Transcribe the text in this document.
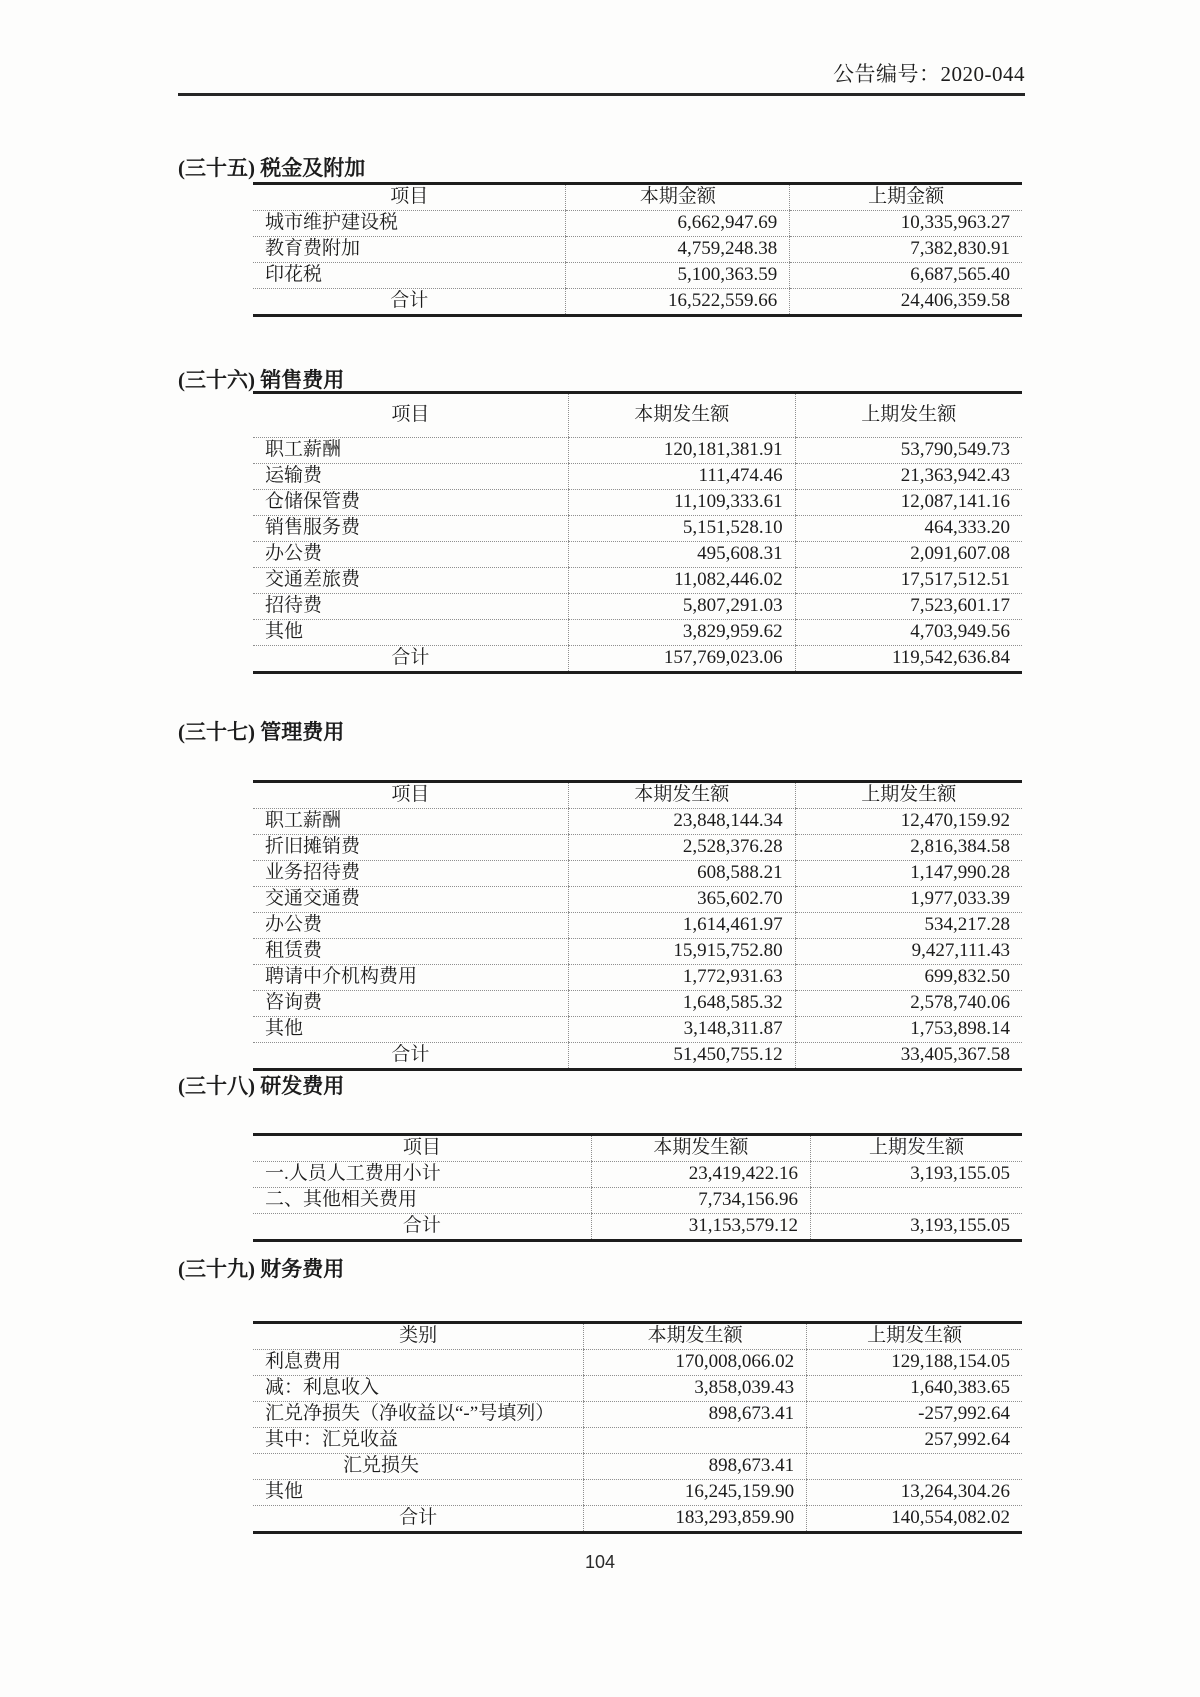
公告编号：2020-044
(三十五) 税金及附加
项目	本期金额	上期金额
城市维护建设税	6,662,947.69	10,335,963.27
教育费附加	4,759,248.38	7,382,830.91
印花税	5,100,363.59	6,687,565.40
合计	16,522,559.66	24,406,359.58
(三十六) 销售费用
项目	本期发生额	上期发生额
职工薪酬	120,181,381.91	53,790,549.73
运输费	111,474.46	21,363,942.43
仓储保管费	11,109,333.61	12,087,141.16
销售服务费	5,151,528.10	464,333.20
办公费	495,608.31	2,091,607.08
交通差旅费	11,082,446.02	17,517,512.51
招待费	5,807,291.03	7,523,601.17
其他	3,829,959.62	4,703,949.56
合计	157,769,023.06	119,542,636.84
(三十七) 管理费用
项目	本期发生额	上期发生额
职工薪酬	23,848,144.34	12,470,159.92
折旧摊销费	2,528,376.28	2,816,384.58
业务招待费	608,588.21	1,147,990.28
交通交通费	365,602.70	1,977,033.39
办公费	1,614,461.97	534,217.28
租赁费	15,915,752.80	9,427,111.43
聘请中介机构费用	1,772,931.63	699,832.50
咨询费	1,648,585.32	2,578,740.06
其他	3,148,311.87	1,753,898.14
合计	51,450,755.12	33,405,367.58
(三十八) 研发费用
项目	本期发生额	上期发生额
一.人员人工费用小计	23,419,422.16	3,193,155.05
二、其他相关费用	7,734,156.96	
合计	31,153,579.12	3,193,155.05
(三十九) 财务费用
类别	本期发生额	上期发生额
利息费用	170,008,066.02	129,188,154.05
减：利息收入	3,858,039.43	1,640,383.65
汇兑净损失（净收益以“-”号填列）	898,673.41	-257,992.64
其中：汇兑收益		257,992.64
汇兑损失	898,673.41	
其他	16,245,159.90	13,264,304.26
合计	183,293,859.90	140,554,082.02
104
